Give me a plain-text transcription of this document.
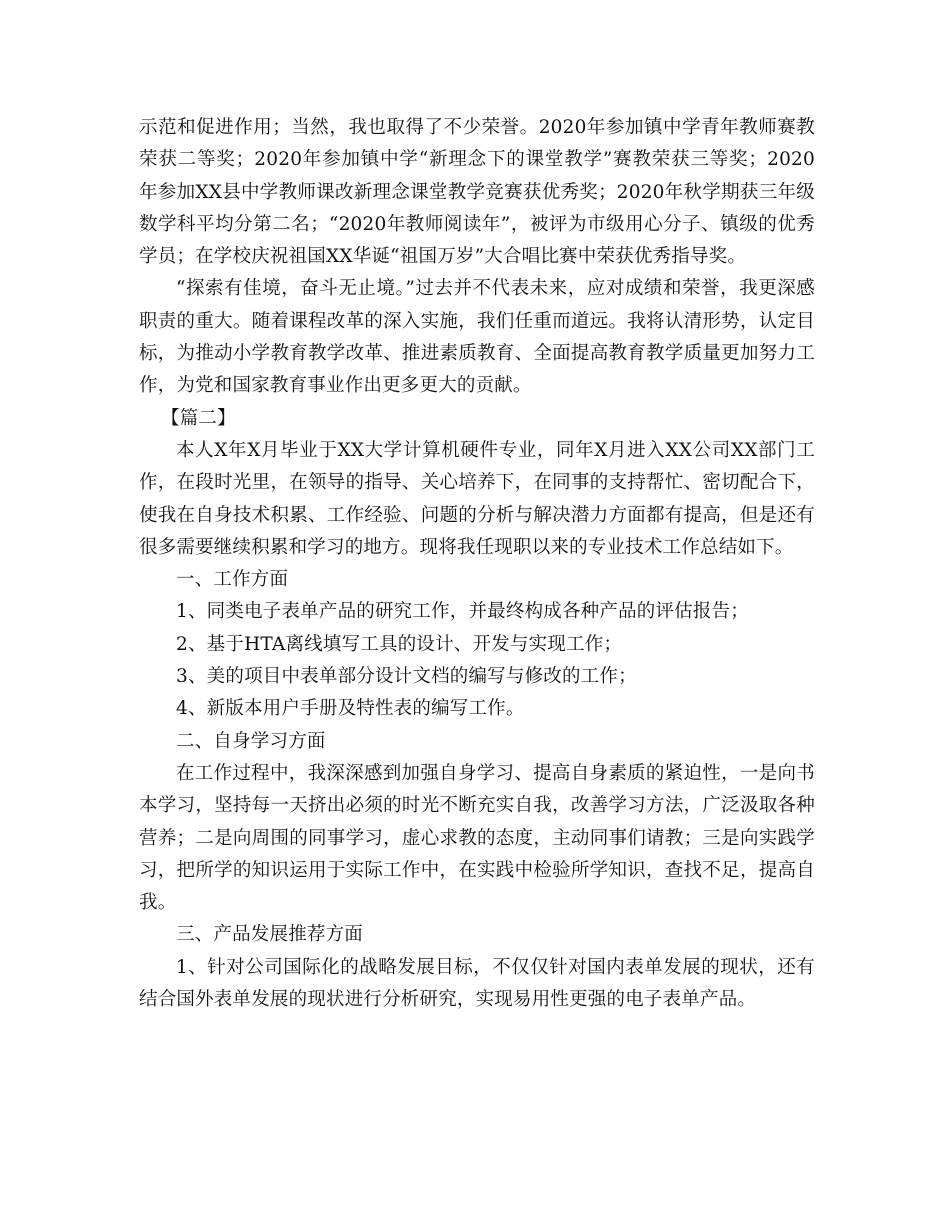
示范和促进作用；当然，我也取得了不少荣誉。2020年参加镇中学青年教师赛教荣获二等奖；2020年参加镇中学“新理念下的课堂教学”赛教荣获三等奖；2020年参加XX县中学教师课改新理念课堂教学竞赛获优秀奖；2020年秋学期获三年级数学科平均分第二名；“2020年教师阅读年”，被评为市级用心分子、镇级的优秀学员；在学校庆祝祖国XX华诞“祖国万岁”大合唱比赛中荣获优秀指导奖。

“探索有佳境，奋斗无止境。”过去并不代表未来，应对成绩和荣誉，我更深感职责的重大。随着课程改革的深入实施，我们任重而道远。我将认清形势，认定目标，为推动小学教育教学改革、推进素质教育、全面提高教育教学质量更加努力工作，为党和国家教育事业作出更多更大的贡献。

【篇二】

本人X年X月毕业于XX大学计算机硬件专业，同年X月进入XX公司XX部门工作，在段时光里，在领导的指导、关心培养下，在同事的支持帮忙、密切配合下，使我在自身技术积累、工作经验、问题的分析与解决潜力方面都有提高，但是还有很多需要继续积累和学习的地方。现将我任现职以来的专业技术工作总结如下。

一、工作方面

1、同类电子表单产品的研究工作，并最终构成各种产品的评估报告；

2、基于HTA离线填写工具的设计、开发与实现工作；

3、美的项目中表单部分设计文档的编写与修改的工作；

4、新版本用户手册及特性表的编写工作。

二、自身学习方面

在工作过程中，我深深感到加强自身学习、提高自身素质的紧迫性，一是向书本学习，坚持每一天挤出必须的时光不断充实自我，改善学习方法，广泛汲取各种营养；二是向周围的同事学习，虚心求教的态度，主动同事们请教；三是向实践学习，把所学的知识运用于实际工作中，在实践中检验所学知识，查找不足，提高自我。

三、产品发展推荐方面

1、针对公司国际化的战略发展目标，不仅仅针对国内表单发展的现状，还有结合国外表单发展的现状进行分析研究，实现易用性更强的电子表单产品。
